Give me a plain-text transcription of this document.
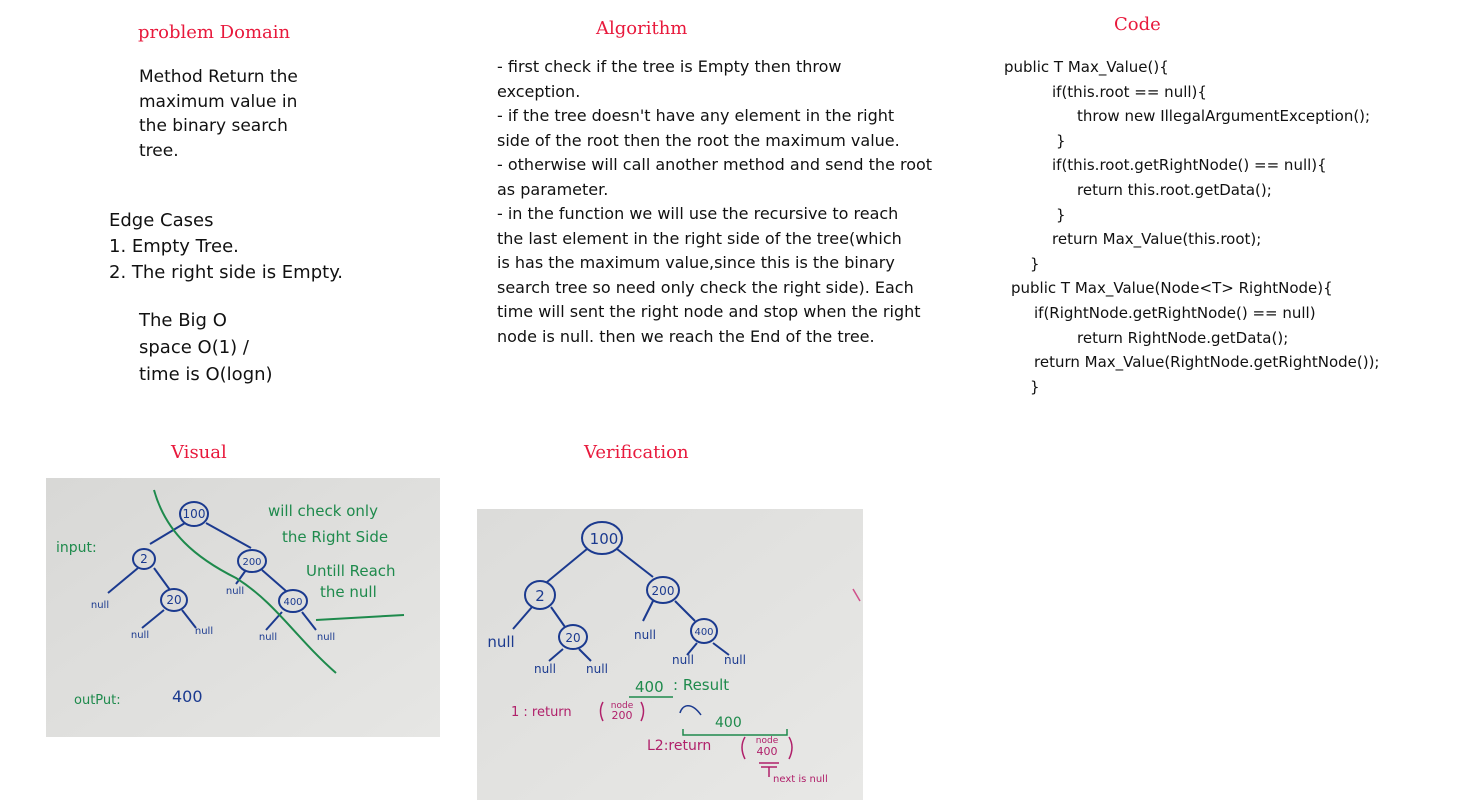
problem Domain	Algorithm	Code
Visual	Verification
Method Return the
maximum value in
the binary search
tree.
Edge Cases
1. Empty Tree.
2. The right side is Empty.
The Big O
space O(1) /
time is O(logn)
- first check if the tree is Empty then throw
exception.
- if the tree doesn't have any element in the right
side of the root then the root the maximum value.
- otherwise will call another method and send the root
as parameter.
- in the function we will use the recursive to reach
the last element in the right side of the tree(which
is has the maximum value,since this is the binary
search tree so need only check the right side). Each
time will sent the right node and stop when the right
node is null. then we reach the End of the tree.
public T Max_Value(){
if(this.root == null){
throw new IllegalArgumentException();
}
if(this.root.getRightNode() == null){
return this.root.getData();
}
return Max_Value(this.root);
}
public T Max_Value(Node<T> RightNode){
if(RightNode.getRightNode() == null)
return RightNode.getData();
return Max_Value(RightNode.getRightNode());
}
100
2	200
20	400
null
null
null	null
null	null
input:
will check only
the Right Side
Untill Reach
the null
outPut:	400
100
2	200
20	400
null	null
null	null
null	null
400 : Result
1 : return	node
200	400
L2:return	node
400
next is null
